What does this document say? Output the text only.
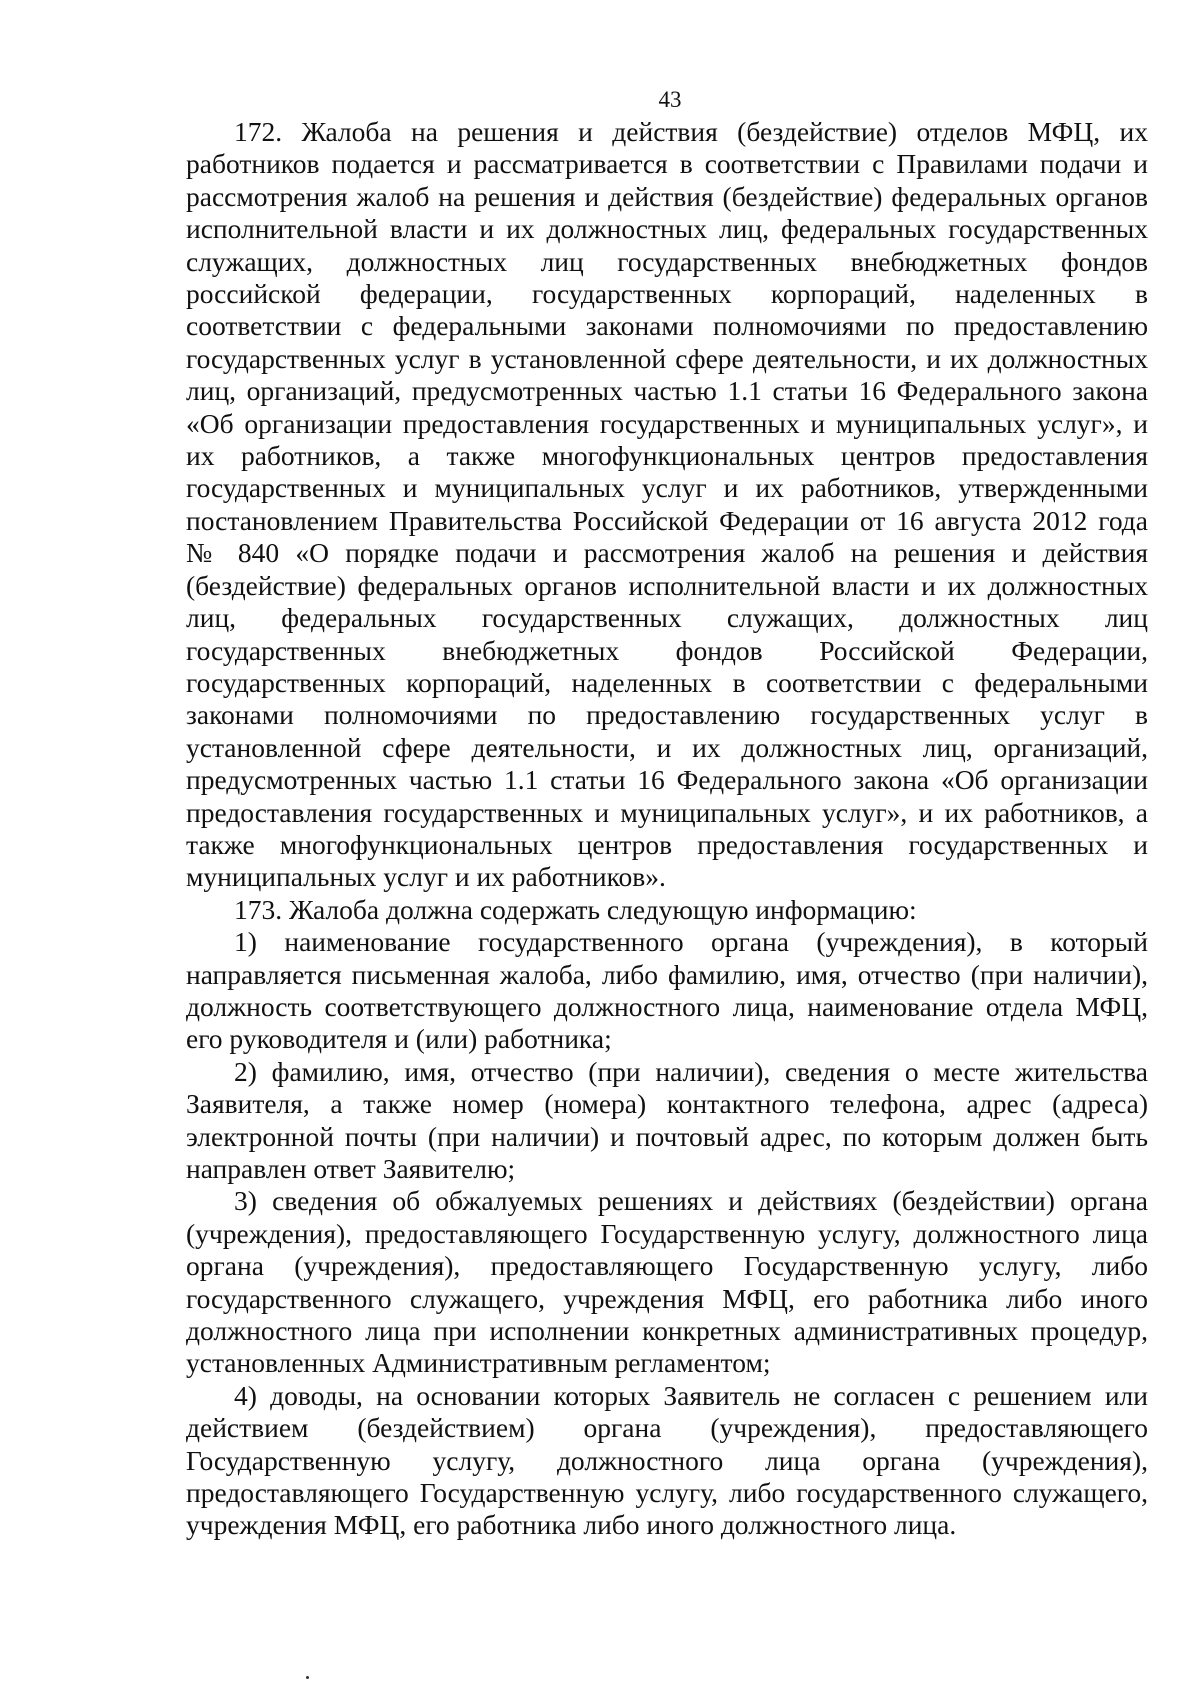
43

172. Жалоба на решения и действия (бездействие) отделов МФЦ, их работников подается и рассматривается в соответствии с Правилами подачи и рассмотрения жалоб на решения и действия (бездействие) федеральных органов исполнительной власти и их должностных лиц, федеральных государственных служащих, должностных лиц государственных внебюджетных фондов российской федерации, государственных корпораций, наделенных в соответствии с федеральными законами полномочиями по предоставлению государственных услуг в установленной сфере деятельности, и их должностных лиц, организаций, предусмотренных частью 1.1 статьи 16 Федерального закона «Об организации предоставления государственных и муниципальных услуг», и их работников, а также многофункциональных центров предоставления государственных и муниципальных услуг и их работников, утвержденными постановлением Правительства Российской Федерации от 16 августа 2012 года № 840 «О порядке подачи и рассмотрения жалоб на решения и действия (бездействие) федеральных органов исполнительной власти и их должностных лиц, федеральных государственных служащих, должностных лиц государственных внебюджетных фондов Российской Федерации, государственных корпораций, наделенных в соответствии с федеральными законами полномочиями по предоставлению государственных услуг в установленной сфере деятельности, и их должностных лиц, организаций, предусмотренных частью 1.1 статьи 16 Федерального закона «Об организации предоставления государственных и муниципальных услуг», и их работников, а также многофункциональных центров предоставления государственных и муниципальных услуг и их работников».

173. Жалоба должна содержать следующую информацию:

1) наименование государственного органа (учреждения), в который направляется письменная жалоба, либо фамилию, имя, отчество (при наличии), должность соответствующего должностного лица, наименование отдела МФЦ, его руководителя и (или) работника;

2) фамилию, имя, отчество (при наличии), сведения о месте жительства Заявителя, а также номер (номера) контактного телефона, адрес (адреса) электронной почты (при наличии) и почтовый адрес, по которым должен быть направлен ответ Заявителю;

3) сведения об обжалуемых решениях и действиях (бездействии) органа (учреждения), предоставляющего Государственную услугу, должностного лица органа (учреждения), предоставляющего Государственную услугу, либо государственного служащего, учреждения МФЦ, его работника либо иного должностного лица при исполнении конкретных административных процедур, установленных Административным регламентом;

4) доводы, на основании которых Заявитель не согласен с решением или действием (бездействием) органа (учреждения), предоставляющего Государственную услугу, должностного лица органа (учреждения), предоставляющего Государственную услугу, либо государственного служащего, учреждения МФЦ, его работника либо иного должностного лица.
